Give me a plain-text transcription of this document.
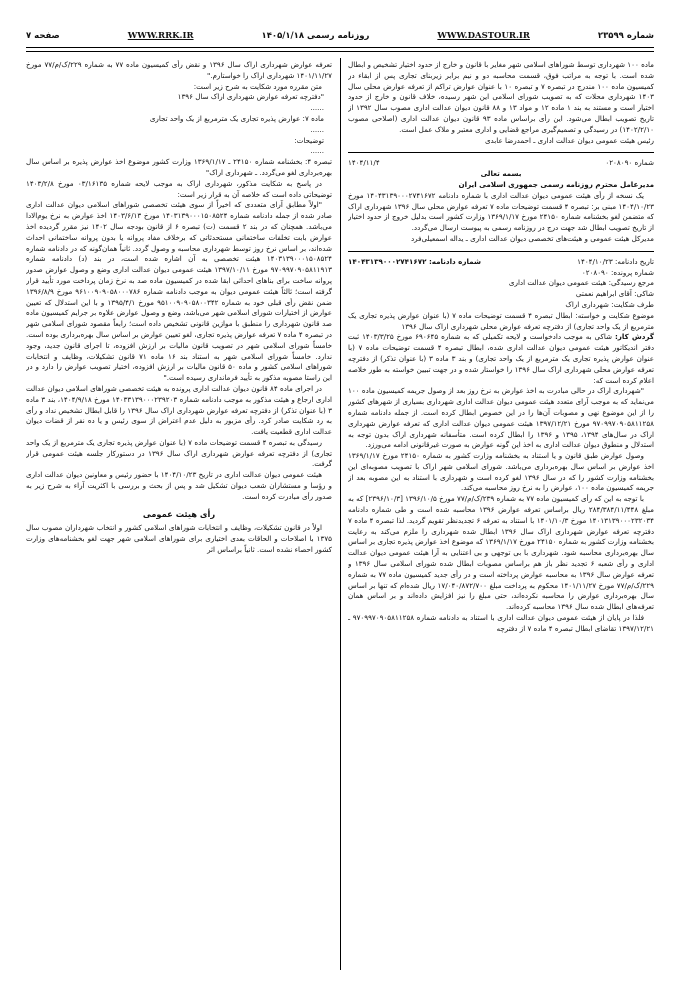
شماره ۲۳۵۹۹
WWW.DASTOUR.IR
روزنامه رسمی ۱۴۰۵/۱/۱۸
WWW.RRK.IR
صفحه ۷

ماده ۱۰۰ شهرداری توسط شوراهای اسلامی شهر مغایر با قانون و خارج از حدود اختیار تشخیص و ابطال شده است. با توجه به مراتب فوق، قسمت محاسبه دو و نیم برابر زیربنای تجاری پس از ابقاء در کمیسیون ماده ۱۰۰ مندرج در تبصره ۷ و تبصره ۱۰ با عنوان عوارض تراکم از تعرفه عوارض محلی سال ۱۴۰۳ شهرداری محلات که به تصویب شورای اسلامی این شهر رسیده، خلاف قانون و خارج از حدود اختیار است و مستند به بند ۱ ماده ۱۲ و مواد ۱۳ و ۸۸ قانون دیوان عدالت اداری مصوب سال ۱۳۹۲ از تاریخ تصویب ابطال می‌شود. این رأی براساس ماده ۹۳ قانون دیوان عدالت اداری (اصلاحی مصوب ۱۴۰۲/۲/۱۰) در رسیدگی و تصمیم‌گیری مراجع قضایی و اداری معتبر و ملاک عمل است.

رئیس هیئت عمومی دیوان عدالت اداری ـ احمدرضا عابدی

شماره ۰۲۰۸۰۹۰
۱۴۰۴/۱۱/۴

بسمه تعالی

مدیرعامل محترم روزنامه رسمی جمهوری اسلامی ایران

یک نسخه از رأی هیئت عمومی دیوان عدالت اداری با شماره دادنامه ۱۴۰۴۳۱۳۹۰۰۰۲۷۴۱۶۷۲ مورخ ۱۴۰۴/۱۰/۲۳ مبنی بر: تبصره ۴ قسمت توضیحات ماده ۷ تعرفه عوارض محلی سال ۱۳۹۶ شهرداری اراک که متضمن لغو بخشنامه شماره ۲۴۱۵۰ مورخ ۱۳۶۹/۱/۱۷ وزارت کشور است بدلیل خروج از حدود اختیار از تاریخ تصویب ابطال شد جهت درج در روزنامه رسمی به پیوست ارسال می‌گردد.

مدیرکل هیئت عمومی و هیئت‌های تخصصی دیوان عدالت اداری ـ یداله اسمعیلی‌فرد

تاریخ دادنامه: ۱۴۰۴/۱۰/۲۳
شماره دادنامه: ۱۴۰۴۳۱۳۹۰۰۰۲۷۴۱۶۷۲

شماره پرونده: ۰۲۰۸۰۹۰

مرجع رسیدگی: هیئت عمومی دیوان عدالت اداری

شاکی: آقای ابراهیم نعمتی

طرف شکایت: شهرداری اراک

موضوع شکایت و خواسته: ابطال تبصره ۴ قسمت توضیحات ماده ۷ (با عنوان عوارض پذیره تجاری یک مترمربع از یک واحد تجاری) از دفترچه تعرفه عوارض محلی شهرداری اراک سال ۱۳۹۶

گردش کار: شاکی به موجب دادخواست و لایحه تکمیلی که به شماره ۶۹۰۶۴۵ مورخ ۱۴۰۳/۳/۲۵ ثبت دفتر اندیکاتور هیئت عمومی دیوان عدالت اداری شده، ابطال تبصره ۴ قسمت توضیحات ماده ۷ (با عنوان عوارض پذیره تجاری یک مترمربع از یک واحد تجاری) و بند ۳ ماده ۳ (با عنوان تذکر) از دفترچه تعرفه عوارض محلی شهرداری اراک سال ۱۳۹۶ را خواستار شده و در جهت تبیین خواسته به طور خلاصه اعلام کرده است که:

"شهرداری اراک در حالی مبادرت به اخذ عوارض به نرخ روز بعد از وصول جریمه کمیسیون ماده ۱۰۰ می‌نماید که به موجب آرای متعدد هیئت عمومی دیوان عدالت اداری شهرداری بسیاری از شهرهای کشور را از این موضوع نهی و مصوبات آن‌ها را در این خصوص ابطال کرده است. از جمله دادنامه شماره ۹۷۰۹۹۷۰۹۰۵۸۱۱۲۵۸ مورخ ۱۳۹۷/۱۲/۲۱ هیئت عمومی دیوان عدالت اداری که تعرفه عوارض شهرداری اراک در سال‌های ۱۳۹۴، ۱۳۹۵ و ۱۳۹۶ را ابطال کرده است. متأسفانه شهرداری اراک بدون توجه به استدلال و منطوق دیوان عدالت اداری به اخذ این گونه عوارض به صورت غیرقانونی ادامه می‌ورزد.

وصول عوارض طبق قانون و یا استناد به بخشنامه وزارت کشور به شماره ۲۴۱۵۰ مورخ ۱۳۶۹/۱/۱۷ اخذ عوارض بر اساس سال بهره‌برداری می‌باشد. شورای اسلامی شهر اراک با تصویب مصوبه‌ای این بخشنامه وزارت کشور را که در سال ۱۳۹۶ لغو کرده است و شهرداری با استناد به این مصوبه بعد از جریمه کمیسیون ماده ۱۰۰، عوارض را به نرخ روز محاسبه می‌کند.

با توجه به این که رأی کمیسیون ماده ۷۷ به شماره ۲۳۹/ک/م/۷۷ مورخ ۱۳۹۶/۱۰/۵ [۲۳۹۶/۱۰/۳] که به مبلغ ۲۸۴/۳۸۴/۱۱/۴۴۸ ریال براساس تعرفه عوارض ۱۳۹۶ محاسبه شده است و طی شماره دادنامه ۱۴۰۱۳۱۳۹۰۰۰۲۳۲۰۳۴ مورخ ۱۴۰۱/۱۰/۳ با استناد به تعرفه ۶ تجدیدنظر تقویم گردید. لذا تبصره ۴ ماده ۷ دفترچه تعرفه عوارض شهرداری اراک سال ۱۳۹۶ ابطال شده شهرداری را ملزم می‌کند به رعایت بخشنامه وزارت کشور به شماره ۲۴۱۵۰ مورخ ۱۳۶۹/۱/۱۷ که موضوع اخذ عوارض پذیره تجاری بر اساس سال بهره‌برداری محاسبه شود. شهرداری با بی توجهی و بی اعتنایی به آرا هیئت عمومی دیوان عدالت اداری و رأی شعبه ۶ تجدید نظر باز هم براساس مصوبات ابطال شده شورای اسلامی سال ۱۳۹۶ و تعرفه عوارض سال ۱۳۹۶ به محاسبه عوارض پرداخته است و در رأی جدید کمیسیون ماده ۷۷ به شماره ۲۲۹/ک/م/۷۷ مورخ ۱۴۰۱/۱۱/۲۷ محکوم به پرداخت مبلغ ۱۷/۰۴۰/۸۷۲/۷۰۰ ریال شده‌ام که تنها بر اساس سال بهره‌برداری عوارض را محاسبه نکرده‌اند، حتی مبلغ را نیز افزایش داده‌اند و بر اساس همان تعرفه‌های ابطال شده سال ۱۳۹۶ محاسبه کرده‌اند.

فلذا در پایان از هیئت عمومی دیوان عدالت اداری با استناد به دادنامه شماره ۹۷۰۹۹۷۰۹۰۵۸۱۱۲۵۸ ـ ۱۳۹۷/۱۲/۲۱ تقاضای ابطال تبصره ۴ ماده ۷ از دفترچه

تعرفه عوارض شهرداری اراک سال ۱۳۹۶ و نقض رأی کمیسیون ماده ۷۷ به شماره ۲۲۹/ک/م/۷۷ مورخ ۱۴۰۱/۱۱/۲۷ شهرداری اراک را خواستارم."

متن مقرره مورد شکایت به شرح زیر است:

"دفترچه تعرفه عوارض شهرداری اراک سال ۱۳۹۶

......

ماده ۷: عوارض پذیره تجاری یک مترمربع از یک واحد تجاری

......

توضیحات:

......

تبصره ۴: بخشنامه شماره ۲۴۱۵۰ ـ ۱۳۶۹/۱/۱۷ وزارت کشور موضوع اخذ عوارض پذیره بر اساس سال بهره‌برداری لغو می‌گردد. ـ شهرداری اراک"

در پاسخ به شکایت مذکور، شهرداری اراک به موجب لایحه شماره ۰۳/۱۶۱۳۵ مورخ ۱۴۰۳/۲/۸ توضیحاتی داده است که خلاصه آن به قرار زیر است:

"اولاً مطابق آرای متعددی که اخیراً از سوی هیئت تخصصی شوراهای اسلامی دیوان عدالت اداری صادر شده از جمله دادنامه شماره ۱۴۰۳۱۳۹۰۰۰۱۵۰۸۵۲۴ مورخ ۱۴۰۳/۶/۱۳ اخذ عوارض به نرخ یوم‌الادا می‌باشد. همچنان که در بند ۲ قسمت (ت) تبصره ۶ از قانون بودجه سال ۱۴۰۲ نیز مقرر گردیده اخذ عوارض بابت تخلفات ساختمانی مستحدثاتی که برخلاف مفاد پروانه یا بدون پروانه ساختمانی احداث شده‌اند، بر اساس نرخ روز توسط شهرداری محاسبه و وصول گردد. ثانیاً همان‌گونه که در دادنامه شماره ۱۴۰۳۱۳۹۰۰۰۱۵۰۸۵۲۴ هیئت تخصصی به آن اشاره شده است، در بند (د) دادنامه شماره ۹۷۰۹۹۷۰۹۰۵۸۱۱۹۱۳ مورخ ۱۳۹۷/۱۰/۱۱ هیئت عمومی دیوان عدالت اداری وضع و وصول عوارض صدور پروانه ساخت برای بناهای احداثی ابقا شده در کمیسیون ماده صد به نرخ زمان پرداخت مورد تأیید قرار گرفته است؛ ثالثاً هیئت عمومی دیوان به موجب دادنامه شماره ۹۶۱۰۰۹۰۹۰۵۸۰۰۰۷۸۶ مورخ ۱۳۹۶/۸/۹ ضمن نقض رأی قبلی خود به شماره ۹۵۱۰۰۹۰۹۰۵۸۰۰۳۴۲ مورخ ۱۳۹۵/۴/۱ و با این استدلال که تعیین عوارض از اختیارات شورای اسلامی شهر می‌باشد، وضع و وصول عوارض علاوه بر جرایم کمیسیون ماده صد قانون شهرداری را منطبق با موازین قانونی تشخیص داده است؛ رابعاً مقصود شورای اسلامی شهر در تبصره ۴ ماده ۷ تعرفه عوارض پذیره تجاری، لغو تعیین عوارض بر اساس سال بهره‌برداری بوده است. خامساً شورای اسلامی شهر در تصویب قانون مالیات بر ارزش افزوده، تا اجرای قانون جدید، وجود ندارد. خامساً شورای اسلامی شهر به استناد بند ۱۶ ماده ۷۱ قانون تشکیلات، وظایف و انتخابات شوراهای اسلامی کشور و ماده ۵۰ قانون مالیات بر ارزش افزوده، اختیار تصویب عوارض را دارد و در این راستا مصوبه مذکور به تأیید فرمانداری رسیده است."

در اجرای ماده ۸۴ قانون دیوان عدالت اداری پرونده به هیئت تخصصی شوراهای اسلامی دیوان عدالت اداری ارجاع و هیئت مذکور به موجب دادنامه شماره ۱۴۰۳۳۱۳۹۰۰۰۲۳۹۲۰۳ مورخ ۱۴۰۴/۹/۱۸، بند ۳ ماده ۳ (با عنوان تذکر) از دفترچه تعرفه عوارض شهرداری اراک سال ۱۳۹۶ را قابل ابطال تشخیص نداد و رأی به رد شکایت صادر کرد. رأی مزبور به دلیل عدم اعتراض از سوی رئیس و یا ده نفر از قضات دیوان عدالت اداری قطعیت یافت.

رسیدگی به تبصره ۴ قسمت توضیحات ماده ۷ (با عنوان عوارض پذیره تجاری یک مترمربع از یک واحد تجاری) از دفترچه تعرفه عوارض شهرداری اراک سال ۱۳۹۶ در دستورکار جلسه هیئت عمومی قرار گرفت.

هیئت عمومی دیوان عدالت اداری در تاریخ ۱۴۰۴/۱۰/۲۳ با حضور رئیس و معاونین دیوان عدالت اداری و رؤسا و مستشاران شعب دیوان تشکیل شد و پس از بحث و بررسی با اکثریت آراء به شرح زیر به صدور رأی مبادرت کرده است.

رأی هیئت عمومی

اولاً در قانون تشکیلات، وظایف و انتخابات شوراهای اسلامی کشور و انتخاب شهرداران مصوب سال ۱۳۷۵ با اصلاحات و الحاقات بعدی اختیاری برای شوراهای اسلامی شهر جهت لغو بخشنامه‌های وزارت کشور احصاء نشده است. ثانیاً براساس اثر
